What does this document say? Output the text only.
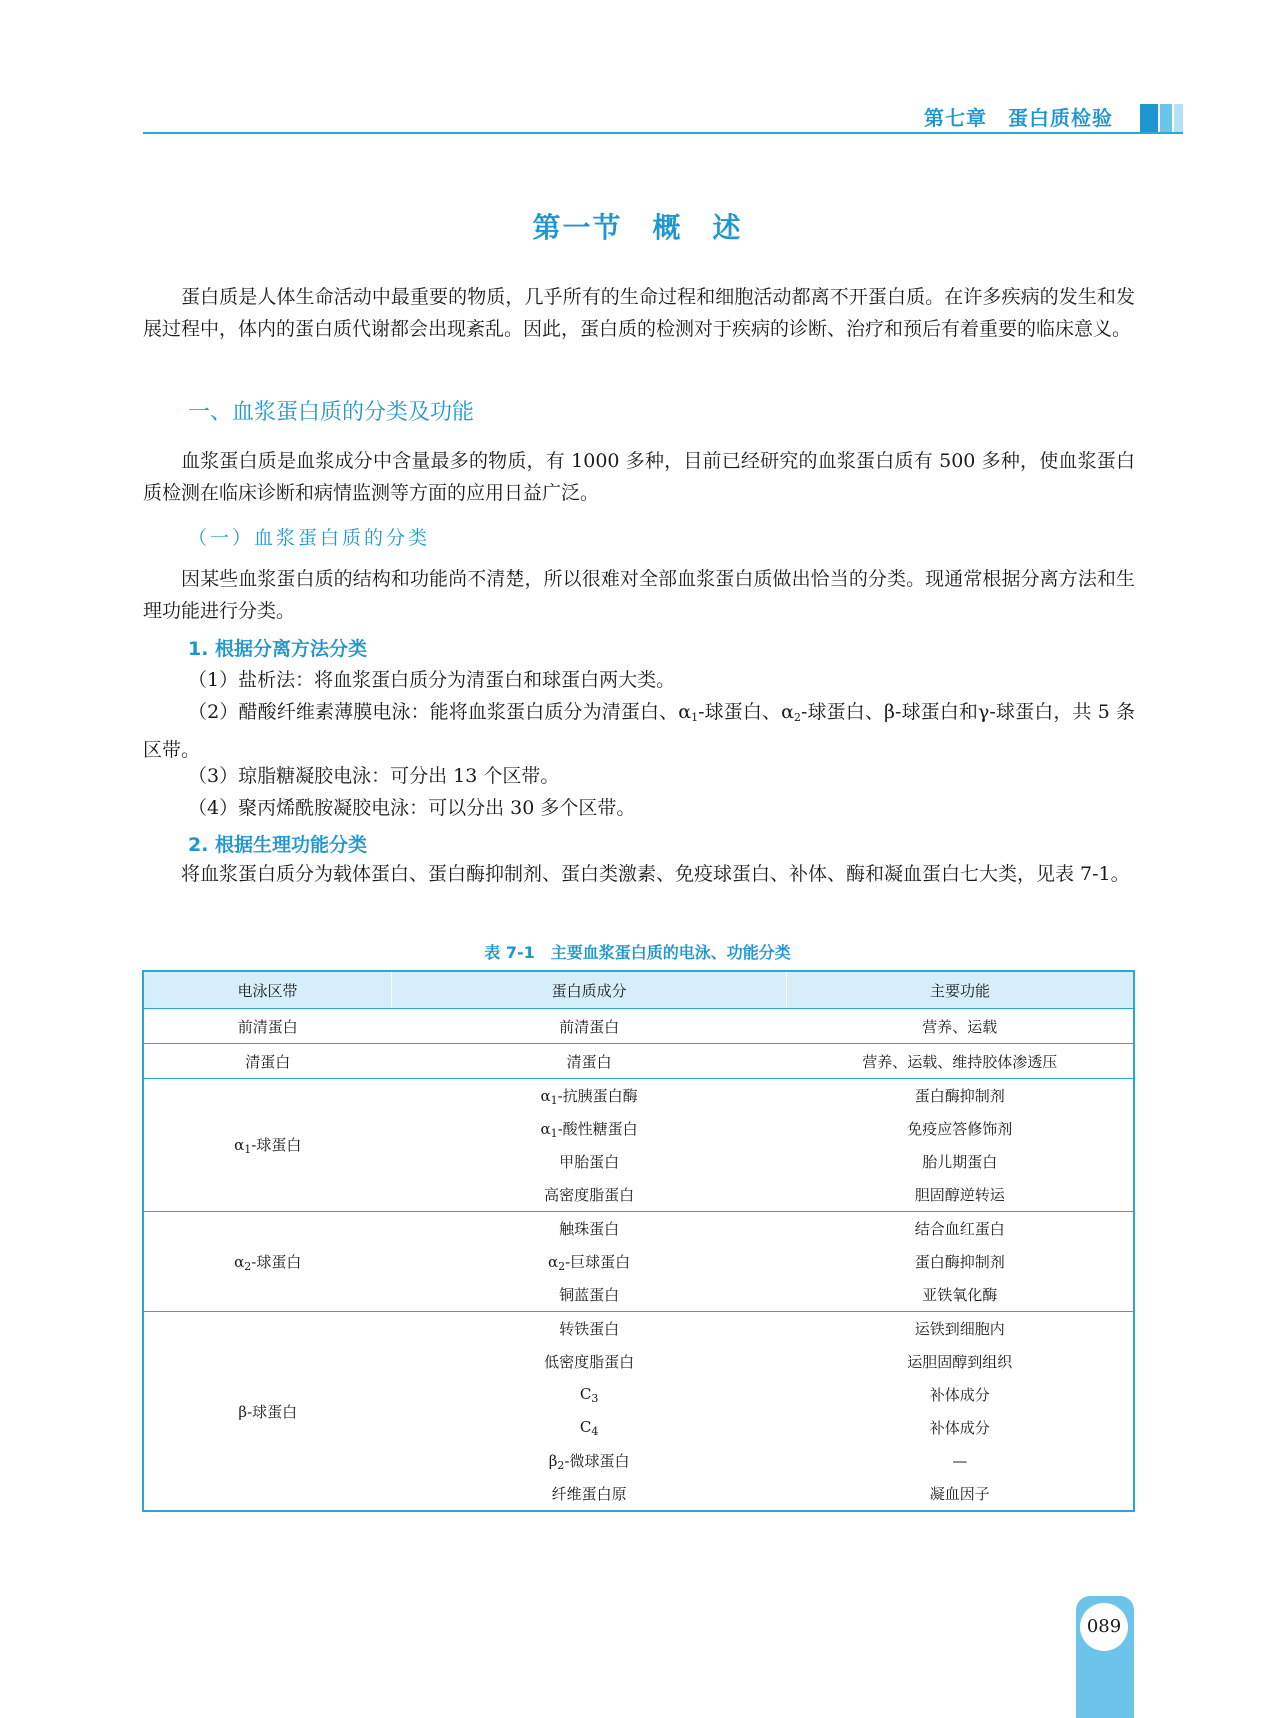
第七章　蛋白质检验
第一节　概　述

蛋白质是人体生命活动中最重要的物质，几乎所有的生命过程和细胞活动都离不开蛋白质。在许多疾病的发生和发展过程中，体内的蛋白质代谢都会出现紊乱。因此，蛋白质的检测对于疾病的诊断、治疗和预后有着重要的临床意义。

一、血浆蛋白质的分类及功能

血浆蛋白质是血浆成分中含量最多的物质，有 1000 多种，目前已经研究的血浆蛋白质有 500 多种，使血浆蛋白质检测在临床诊断和病情监测等方面的应用日益广泛。

（一）血浆蛋白质的分类

因某些血浆蛋白质的结构和功能尚不清楚，所以很难对全部血浆蛋白质做出恰当的分类。现通常根据分离方法和生理功能进行分类。

1. 根据分离方法分类

（1）盐析法：将血浆蛋白质分为清蛋白和球蛋白两大类。

（2）醋酸纤维素薄膜电泳：能将血浆蛋白质分为清蛋白、$\alpha_1-$球蛋白、$\alpha_2-$球蛋白、β-球蛋白和γ-球蛋白，共 5 条区带。

（3）琼脂糖凝胶电泳：可分出 13 个区带。

（4）聚丙烯酰胺凝胶电泳：可以分出 30 多个区带。

2. 根据生理功能分类

将血浆蛋白质分为载体蛋白、蛋白酶抑制剂、蛋白类激素、免疫球蛋白、补体、酶和凝血蛋白七大类，见表 7-1。

表 7-1　主要血浆蛋白质的电泳、功能分类
电泳区带	蛋白质成分	主要功能
前清蛋白	前清蛋白	营养、运载
清蛋白	清蛋白	营养、运载、维持胶体渗透压
$\alpha_1-$球蛋白	$\alpha_1-$抗胰蛋白酶	蛋白酶抑制剂
	$\alpha_1-$酸性糖蛋白	免疫应答修饰剂
	甲胎蛋白	胎儿期蛋白
	高密度脂蛋白	胆固醇逆转运
$\alpha_2-$球蛋白	触珠蛋白	结合血红蛋白
	$\alpha_2-$巨球蛋白	蛋白酶抑制剂
	铜蓝蛋白	亚铁氧化酶
β-球蛋白	转铁蛋白	运铁到细胞内
	低密度脂蛋白	运胆固醇到组织
	$C_3$	补体成分
	$C_4$	补体成分
	$\beta_2-$微球蛋白	—
	纤维蛋白原	凝血因子
089
